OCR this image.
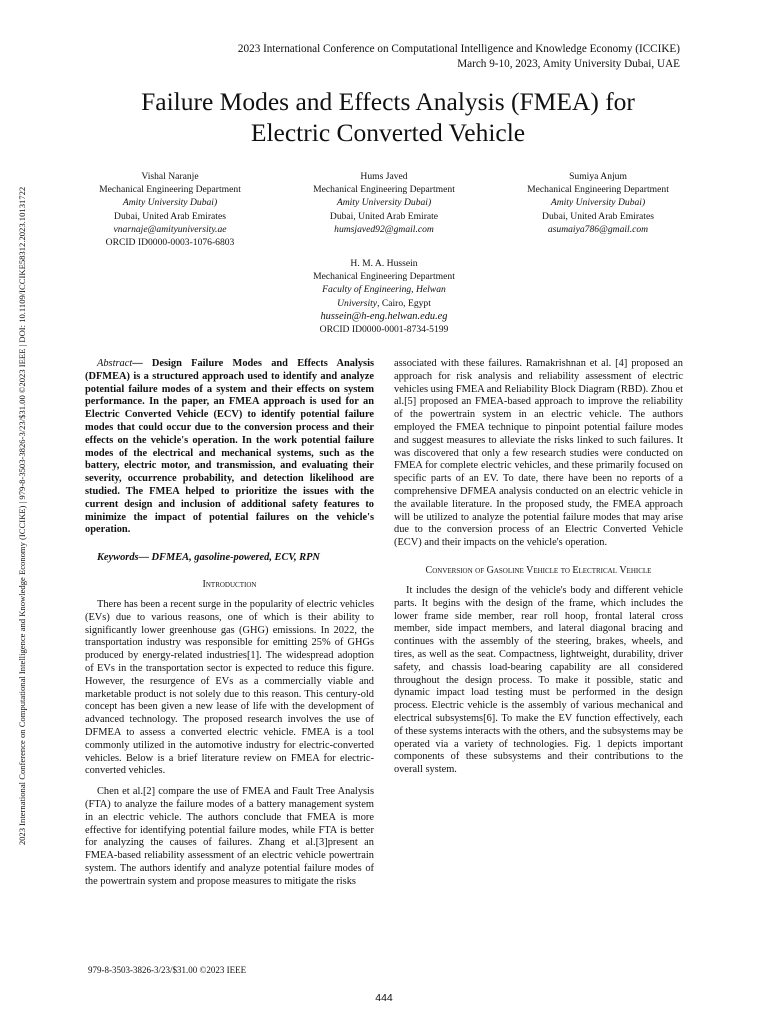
2023 International Conference on Computational Intelligence and Knowledge Economy (ICCIKE)
March 9-10, 2023, Amity University Dubai, UAE
Failure Modes and Effects Analysis (FMEA) for
Electric Converted Vehicle
Vishal Naranje
Mechanical Engineering Department
Amity University Dubai)
Dubai, United Arab Emirates
vnarnaje@amityuniversity.ae
ORCID ID0000-0003-1076-6803
Hums Javed
Mechanical Engineering Department
Amity University Dubai)
Dubai, United Arab Emirate
humsjaved92@gmail.com
Sumiya Anjum
Mechanical Engineering Department
Amity University Dubai)
Dubai, United Arab Emirates
asumaiya786@gmail.com
H. M. A. Hussein
Mechanical Engineering Department
Faculty of Engineering, Helwan
University, Cairo, Egypt
hussein@h-eng.helwan.edu.eg
ORCID ID0000-0001-8734-5199

Abstract— Design Failure Modes and Effects Analysis (DFMEA) is a structured approach used to identify and analyze potential failure modes of a system and their effects on system performance. In the paper, an FMEA approach is used for an Electric Converted Vehicle (ECV) to identify potential failure modes that could occur due to the conversion process and their effects on the vehicle's operation. In the work potential failure modes of the electrical and mechanical systems, such as the battery, electric motor, and transmission, and evaluating their severity, occurrence probability, and detection likelihood are studied. The FMEA helped to prioritize the issues with the current design and inclusion of additional safety features to minimize the impact of potential failures on the vehicle's operation.

Keywords— DFMEA, gasoline-powered, ECV, RPN

Introduction

There has been a recent surge in the popularity of electric vehicles (EVs) due to various reasons, one of which is their ability to significantly lower greenhouse gas (GHG) emissions. In 2022, the transportation industry was responsible for emitting 25% of GHGs produced by energy-related industries[1]. The widespread adoption of EVs in the transportation sector is expected to reduce this figure. However, the resurgence of EVs as a commercially viable and marketable product is not solely due to this reason. This century-old concept has been given a new lease of life with the development of advanced technology. The proposed research involves the use of DFMEA to assess a converted electric vehicle. FMEA is a tool commonly utilized in the automotive industry for electric-converted vehicles. Below is a brief literature review on FMEA for electric-converted vehicles.

Chen et al.[2] compare the use of FMEA and Fault Tree Analysis (FTA) to analyze the failure modes of a battery management system in an electric vehicle. The authors conclude that FMEA is more effective for identifying potential failure modes, while FTA is better for analyzing the causes of failures. Zhang et al.[3]present an FMEA-based reliability assessment of an electric vehicle powertrain system. The authors identify and analyze potential failure modes of the powertrain system and propose measures to mitigate the risks

associated with these failures. Ramakrishnan et al. [4] proposed an approach for risk analysis and reliability assessment of electric vehicles using FMEA and Reliability Block Diagram (RBD). Zhou et al.[5] proposed an FMEA-based approach to improve the reliability of the powertrain system in an electric vehicle. The authors employed the FMEA technique to pinpoint potential failure modes and suggest measures to alleviate the risks linked to such failures. It was discovered that only a few research studies were conducted on FMEA for complete electric vehicles, and these primarily focused on specific parts of an EV. To date, there have been no reports of a comprehensive DFMEA analysis conducted on an electric vehicle in the available literature. In the proposed study, the FMEA approach will be utilized to analyze the potential failure modes that may arise due to the conversion process of an Electric Converted Vehicle (ECV) and their impacts on the vehicle's operation.

Conversion of Gasoline Vehicle to Electrical Vehicle

It includes the design of the vehicle's body and different vehicle parts. It begins with the design of the frame, which includes the lower frame side member, rear roll hoop, frontal lateral cross member, side impact members, and lateral diagonal bracing and continues with the assembly of the steering, brakes, wheels, and tires, as well as the seat. Compactness, lightweight, durability, driver safety, and chassis load-bearing capability are all considered throughout the design process. To make it possible, static and dynamic impact load testing must be performed in the design process. Electric vehicle is the assembly of various mechanical and electrical subsystems[6]. To make the EV function effectively, each of these systems interacts with the others, and the subsystems may be operated via a variety of technologies. Fig. 1 depicts important components of these subsystems and their contributions to the overall system.

2023 International Conference on Computational Intelligence and Knowledge Economy (ICCIKE) | 979-8-3503-3826-3/23/$31.00 ©2023 IEEE | DOI: 10.1109/ICCIKE58312.2023.10131722
979-8-3503-3826-3/23/$31.00 ©2023 IEEE
444
